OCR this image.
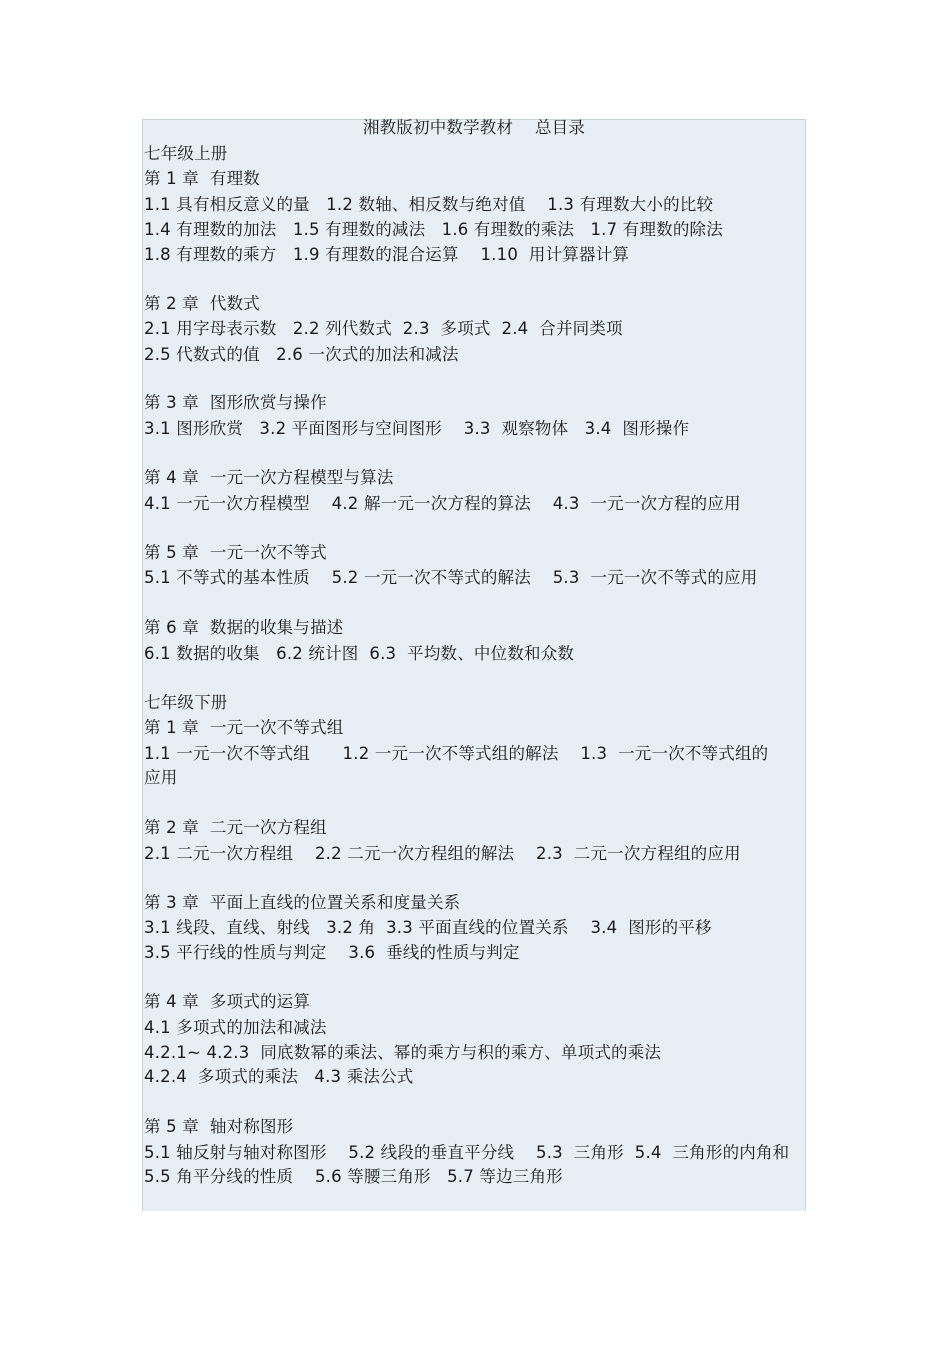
湘教版初中数学教材    总目录
七年级上册
第 1 章  有理数
1.1 具有相反意义的量   1.2 数轴、相反数与绝对值    1.3 有理数大小的比较
1.4 有理数的加法   1.5 有理数的减法   1.6 有理数的乘法   1.7 有理数的除法
1.8 有理数的乘方   1.9 有理数的混合运算    1.10  用计算器计算
第 2 章  代数式
2.1 用字母表示数   2.2 列代数式  2.3  多项式  2.4  合并同类项
2.5 代数式的值   2.6 一次式的加法和减法
第 3 章  图形欣赏与操作
3.1 图形欣赏   3.2 平面图形与空间图形    3.3  观察物体   3.4  图形操作
第 4 章  一元一次方程模型与算法
4.1 一元一次方程模型    4.2 解一元一次方程的算法    4.3  一元一次方程的应用
第 5 章  一元一次不等式
5.1 不等式的基本性质    5.2 一元一次不等式的解法    5.3  一元一次不等式的应用
第 6 章  数据的收集与描述
6.1 数据的收集   6.2 统计图  6.3  平均数、中位数和众数
七年级下册
第 1 章  一元一次不等式组
1.1 一元一次不等式组      1.2 一元一次不等式组的解法    1.3  一元一次不等式组的
应用
第 2 章  二元一次方程组
2.1 二元一次方程组    2.2 二元一次方程组的解法    2.3  二元一次方程组的应用
第 3 章  平面上直线的位置关系和度量关系
3.1 线段、直线、射线   3.2 角  3.3 平面直线的位置关系    3.4  图形的平移
3.5 平行线的性质与判定    3.6  垂线的性质与判定
第 4 章  多项式的运算
4.1 多项式的加法和减法
4.2.1~ 4.2.3  同底数幂的乘法、幂的乘方与积的乘方、单项式的乘法
4.2.4  多项式的乘法   4.3 乘法公式
第 5 章  轴对称图形
5.1 轴反射与轴对称图形    5.2 线段的垂直平分线    5.3  三角形  5.4  三角形的内角和
5.5 角平分线的性质    5.6 等腰三角形   5.7 等边三角形
